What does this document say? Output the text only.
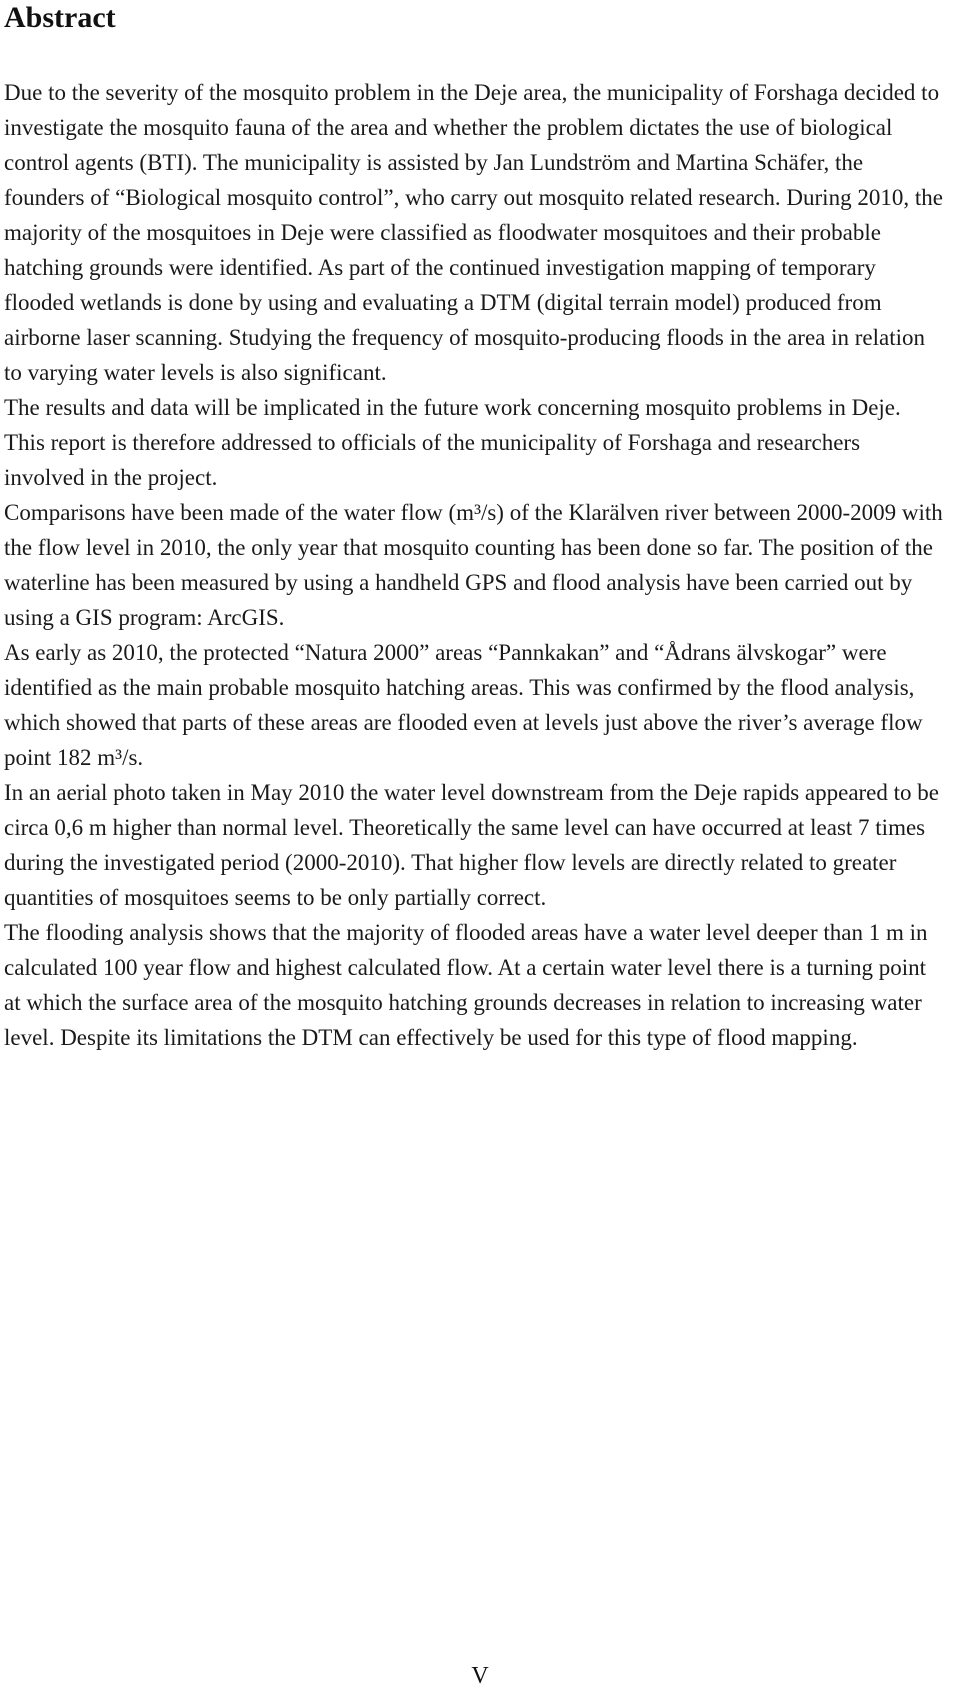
Abstract

Due to the severity of the mosquito problem in the Deje area, the municipality of Forshaga decided to investigate the mosquito fauna of the area and whether the problem dictates the use of biological control agents (BTI). The municipality is assisted by Jan Lundström and Martina Schäfer, the founders of “Biological mosquito control”, who carry out mosquito related research. During 2010, the majority of the mosquitoes in Deje were classified as floodwater mosquitoes and their probable hatching grounds were identified. As part of the continued investigation mapping of temporary flooded wetlands is done by using and evaluating a DTM (digital terrain model) produced from airborne laser scanning. Studying the frequency of mosquito-producing floods in the area in relation to varying water levels is also significant.

The results and data will be implicated in the future work concerning mosquito problems in Deje. This report is therefore addressed to officials of the municipality of Forshaga and researchers involved in the project.

Comparisons have been made of the water flow (m³/s) of the Klarälven river between 2000-2009 with the flow level in 2010, the only year that mosquito counting has been done so far. The position of the waterline has been measured by using a handheld GPS and flood analysis have been carried out by using a GIS program: ArcGIS.

As early as 2010, the protected “Natura 2000” areas “Pannkakan” and “Ådrans älvskogar” were identified as the main probable mosquito hatching areas. This was confirmed by the flood analysis, which showed that parts of these areas are flooded even at levels just above the river’s average flow point 182 m³/s.

In an aerial photo taken in May 2010 the water level downstream from the Deje rapids appeared to be circa 0,6 m higher than normal level. Theoretically the same level can have occurred at least 7 times during the investigated period (2000-2010). That higher flow levels are directly related to greater quantities of mosquitoes seems to be only partially correct.

The flooding analysis shows that the majority of flooded areas have a water level deeper than 1 m in calculated 100 year flow and highest calculated flow. At a certain water level there is a turning point at which the surface area of the mosquito hatching grounds decreases in relation to increasing water level. Despite its limitations the DTM can effectively be used for this type of flood mapping.

V
